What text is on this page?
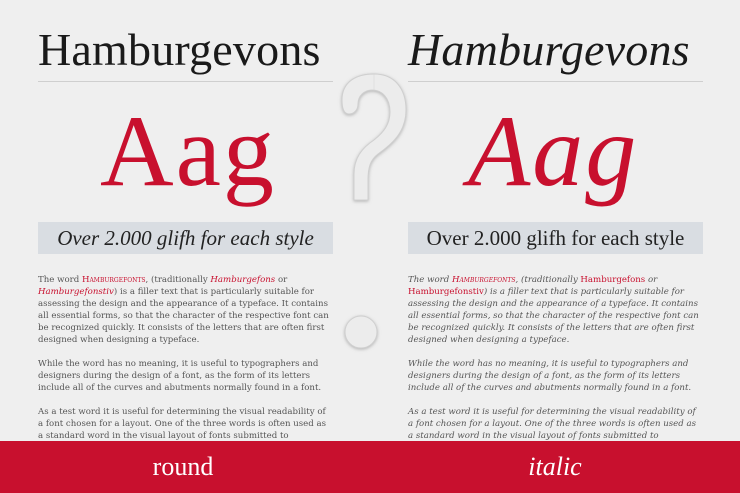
Hamburgevons
Aag
Over 2.000 glifh for each style

The word Hamburgefonts, (traditionally Hamburgefons or Hamburgefonstiv) is a filler text that is particularly suitable for assessing the design and the appearance of a typeface. It contains all essential forms, so that the character of the respective font can be recognized quickly. It consists of the letters that are often first designed when designing a typeface.

While the word has no meaning, it is useful to typographers and designers during the design of a font, as the form of its letters include all of the curves and abutments normally found in a font.

As a test word it is useful for determining the visual readability of a font chosen for a layout. One of the three words is often used as a standard word in the visual layout of fonts submitted to

Hamburgevons
Aag
Over 2.000 glifh for each style

The word Hamburgefonts, (traditionally Hamburgefons or Hamburgefonstiv) is a filler text that is particularly suitable for assessing the design and the appearance of a typeface. It contains all essential forms, so that the character of the respective font can be recognized quickly. It consists of the letters that are often first designed when designing a typeface.

While the word has no meaning, it is useful to typographers and designers during the design of a font, as the form of its letters include all of the curves and abutments normally found in a font.

As a test word it is useful for determining the visual readability of a font chosen for a layout. One of the three words is often used as a standard word in the visual layout of fonts submitted to

round	italic
